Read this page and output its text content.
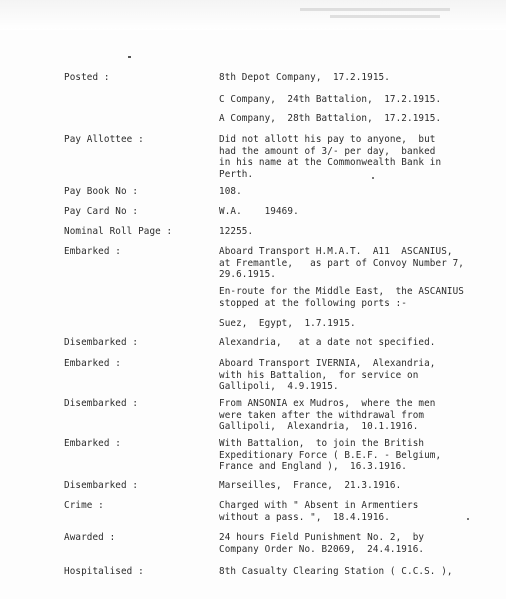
Posted :	8th Depot Company,  17.2.1915.
C Company,  24th Battalion,  17.2.1915.
A Company,  28th Battalion,  17.2.1915.
Pay Allottee :	Did not allott his pay to anyone,  but
had the amount of 3/- per day,  banked
in his name at the Commonwealth Bank in
Perth.
Pay Book No :	108.
Pay Card No :	W.A.    19469.
Nominal Roll Page :	12255.
Embarked :	Aboard Transport H.M.A.T.  A11  ASCANIUS,
at Fremantle,   as part of Convoy Number 7,
29.6.1915.
En-route for the Middle East,  the ASCANIUS
stopped at the following ports :-
Suez,  Egypt,  1.7.1915.
Disembarked :	Alexandria,   at a date not specified.
Embarked :	Aboard Transport IVERNIA,  Alexandria,
with his Battalion,  for service on
Gallipoli,  4.9.1915.
Disembarked :	From ANSONIA ex Mudros,  where the men
were taken after the withdrawal from
Gallipoli,  Alexandria,  10.1.1916.
Embarked :	With Battalion,  to join the British
Expeditionary Force ( B.E.F. - Belgium,
France and England ),  16.3.1916.
Disembarked :	Marseilles,  France,  21.3.1916.
Crime :	Charged with " Absent in Armentiers
without a pass. ",  18.4.1916.
Awarded :	24 hours Field Punishment No. 2,  by
Company Order No. B2069,  24.4.1916.
Hospitalised :	8th Casualty Clearing Station ( C.C.S. ),
